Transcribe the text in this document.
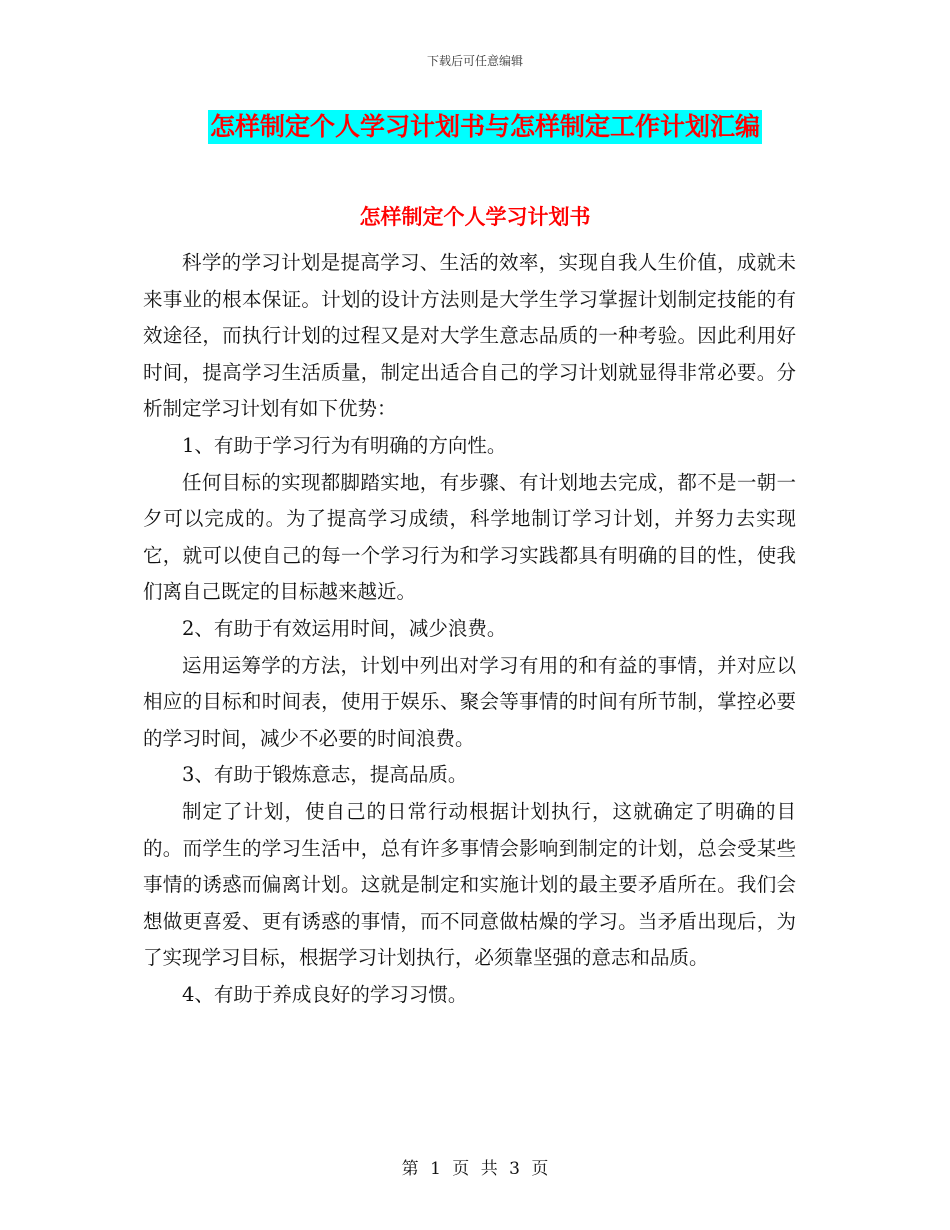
下载后可任意编辑
怎样制定个人学习计划书与怎样制定工作计划汇编
怎样制定个人学习计划书

科学的学习计划是提高学习、生活的效率，实现自我人生价值，成就未来事业的根本保证。计划的设计方法则是大学生学习掌握计划制定技能的有效途径，而执行计划的过程又是对大学生意志品质的一种考验。因此利用好时间，提高学习生活质量，制定出适合自己的学习计划就显得非常必要。分析制定学习计划有如下优势：

1、有助于学习行为有明确的方向性。

任何目标的实现都脚踏实地，有步骤、有计划地去完成，都不是一朝一夕可以完成的。为了提高学习成绩，科学地制订学习计划，并努力去实现它，就可以使自己的每一个学习行为和学习实践都具有明确的目的性，使我们离自己既定的目标越来越近。

2、有助于有效运用时间，减少浪费。

运用运筹学的方法，计划中列出对学习有用的和有益的事情，并对应以相应的目标和时间表，使用于娱乐、聚会等事情的时间有所节制，掌控必要的学习时间，减少不必要的时间浪费。

3、有助于锻炼意志，提高品质。

制定了计划，使自己的日常行动根据计划执行，这就确定了明确的目的。而学生的学习生活中，总有许多事情会影响到制定的计划，总会受某些事情的诱惑而偏离计划。这就是制定和实施计划的最主要矛盾所在。我们会想做更喜爱、更有诱惑的事情，而不同意做枯燥的学习。当矛盾出现后，为了实现学习目标，根据学习计划执行，必须靠坚强的意志和品质。

4、有助于养成良好的学习习惯。

第 1 页 共 3 页
